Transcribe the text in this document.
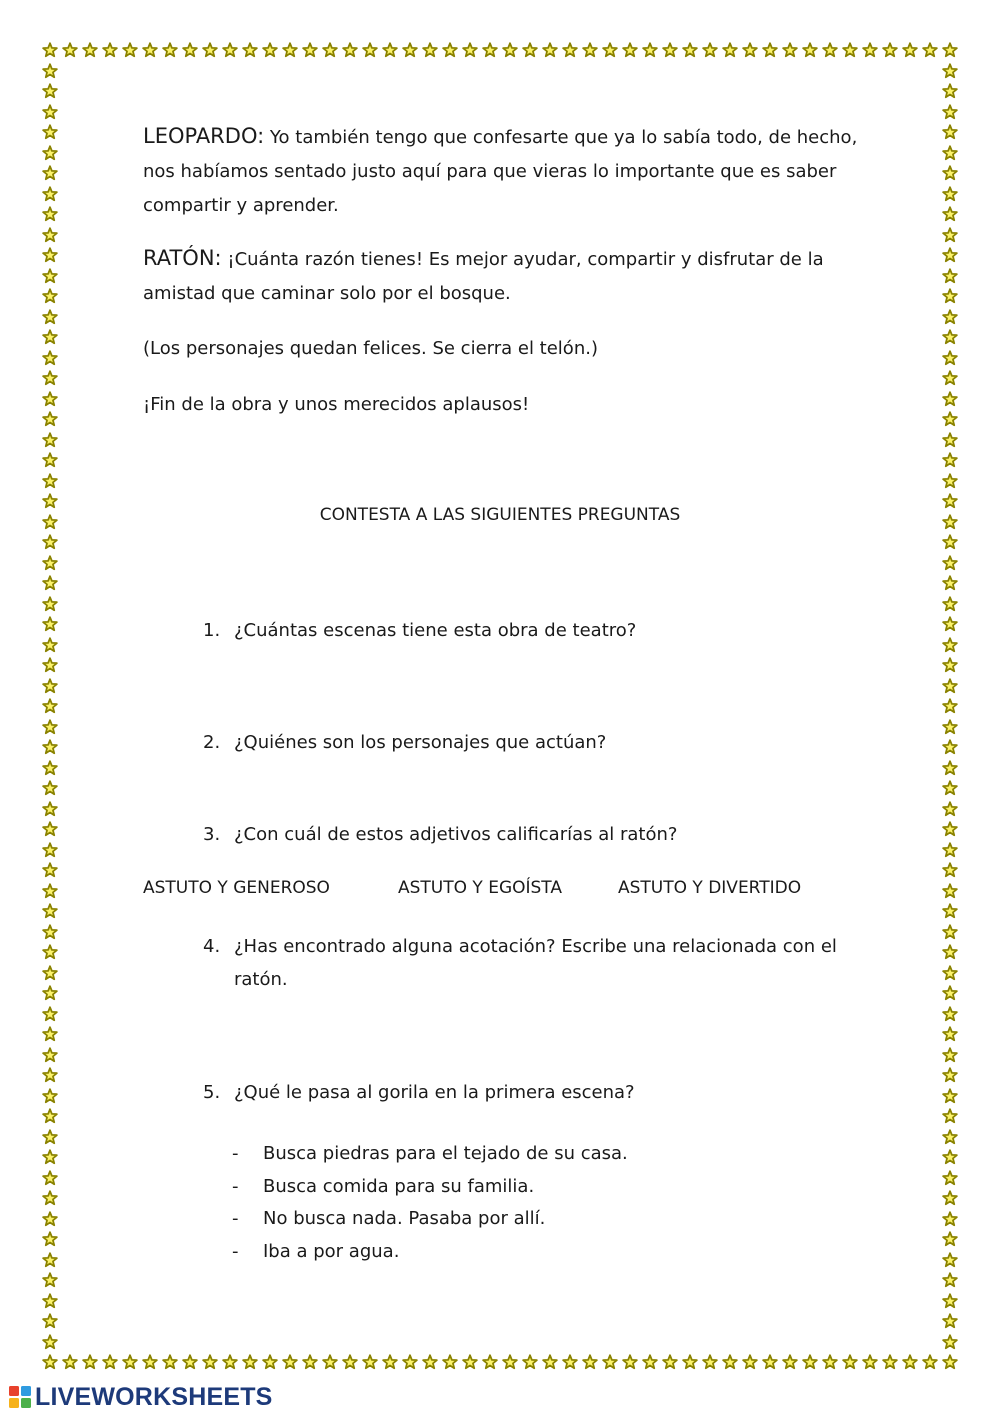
LEOPARDO: Yo también tengo que confesarte que ya lo sabía todo, de hecho, nos habíamos sentado justo aquí para que vieras lo importante que es saber compartir y aprender.

RATÓN: ¡Cuánta razón tienes! Es mejor ayudar, compartir y disfrutar de la amistad que caminar solo por el bosque.

(Los personajes quedan felices. Se cierra el telón.)

¡Fin de la obra y unos merecidos aplausos!

CONTESTA A LAS SIGUIENTES PREGUNTAS

1. ¿Cuántas escenas tiene esta obra de teatro?
2. ¿Quiénes son los personajes que actúan?
3. ¿Con cuál de estos adjetivos calificarías al ratón?

ASTUTO Y GENEROSO	ASTUTO Y EGOÍSTA	ASTUTO Y DIVERTIDO

4. ¿Has encontrado alguna acotación? Escribe una relacionada con el ratón.
5. ¿Qué le pasa al gorila en la primera escena?
- Busca piedras para el tejado de su casa.
- Busca comida para su familia.
- No busca nada. Pasaba por allí.
- Iba a por agua.
LIVEWORKSHEETS
